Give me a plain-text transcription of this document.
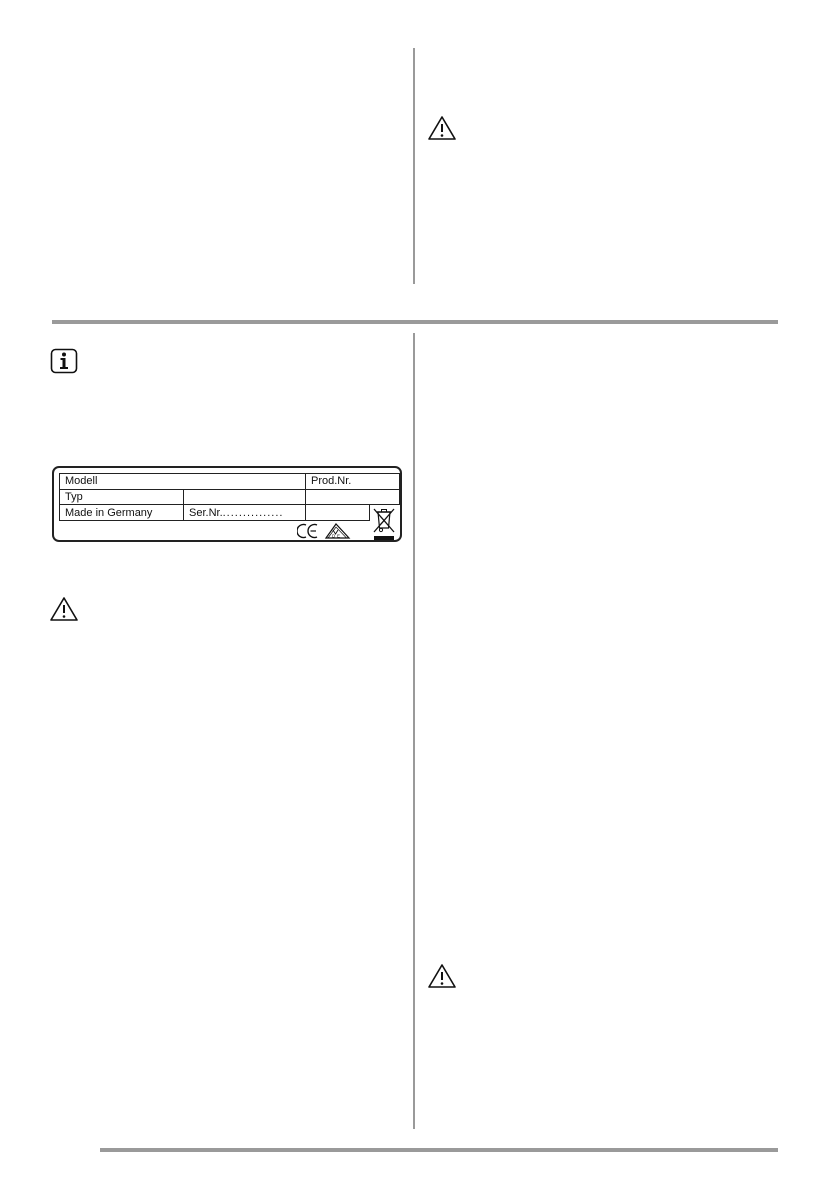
Modell		Prod.Nr.	
Typ			
Made in Germany	Ser.Nr................		
D E
